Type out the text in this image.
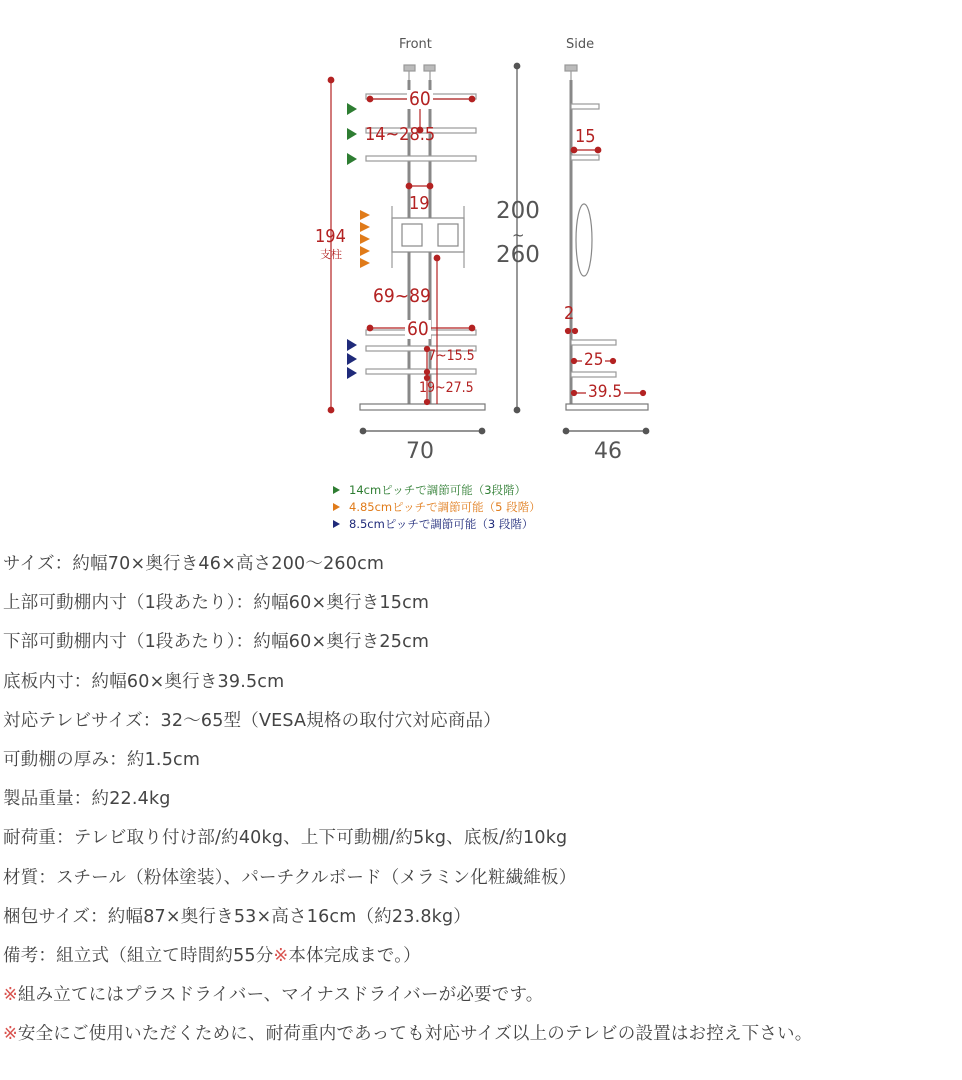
Front	Side
60
14~28.5
19
194
支柱
69~89
60
7~15.5
19~27.5
70
200
~
260
15
2
25
39.5
46
14cmピッチで調節可能（3段階）
4.85cmピッチで調節可能（5 段階）
8.5cmピッチで調節可能（3 段階）
サイズ：約幅70×奥行き46×高さ200〜260cm
上部可動棚内寸（1段あたり）：約幅60×奥行き15cm
下部可動棚内寸（1段あたり）：約幅60×奥行き25cm
底板内寸：約幅60×奥行き39.5cm
対応テレビサイズ：32〜65型（VESA規格の取付穴対応商品）
可動棚の厚み：約1.5cm
製品重量：約22.4kg
耐荷重：テレビ取り付け部/約40kg、上下可動棚/約5kg、底板/約10kg
材質：スチール（粉体塗装）、パーチクルボード（メラミン化粧繊維板）
梱包サイズ：約幅87×奥行き53×高さ16cm（約23.8kg）
備考：組立式（組立て時間約55分※本体完成まで。）
※組み立てにはプラスドライバー、マイナスドライバーが必要です。
※安全にご使用いただくために、耐荷重内であっても対応サイズ以上のテレビの設置はお控え下さい。
